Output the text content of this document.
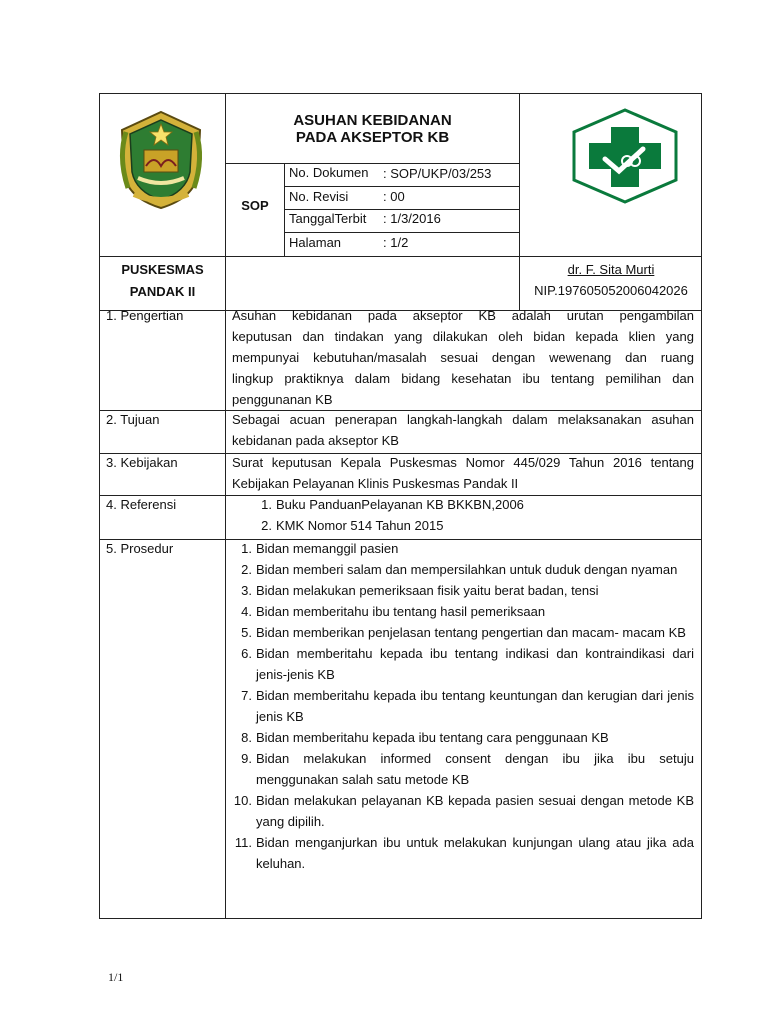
ASUHAN KEBIDANAN
PADA AKSEPTOR KB
SOP
No. Dokumen : SOP/UKP/03/253
No. Revisi	: 00
TanggalTerbit : 1/3/2016
Halaman	: 1/2
PUSKESMAS
PANDAK II
dr. F. Sita Murti
NIP.197605052006042026
1. Pengertian	Asuhan kebidanan pada akseptor KB adalah urutan pengambilan
keputusan dan tindakan yang dilakukan oleh bidan kepada klien yang
mempunyai kebutuhan/masalah sesuai dengan wewenang dan ruang
lingkup praktiknya dalam bidang kesehatan ibu tentang pemilihan dan
penggunanan KB
2. Tujuan	Sebagai acuan penerapan langkah-langkah dalam melaksanakan asuhan
kebidanan pada akseptor KB
3. Kebijakan	Surat keputusan Kepala Puskesmas Nomor 445/029 Tahun 2016 tentang
Kebijakan Pelayanan Klinis Puskesmas Pandak II
4. Referensi	1. Buku PanduanPelayanan KB BKKBN,2006
2. KMK Nomor 514 Tahun 2015
5. Prosedur	1. Bidan memanggil pasien
2. Bidan memberi salam dan mempersilahkan untuk duduk dengan nyaman
3. Bidan melakukan pemeriksaan fisik yaitu berat badan, tensi
4. Bidan memberitahu ibu tentang hasil pemeriksaan
5. Bidan memberikan penjelasan tentang pengertian dan macam- macam KB
6. Bidan memberitahu kepada ibu tentang indikasi dan kontraindikasi dari jenis-jenis KB
7. Bidan memberitahu kepada ibu tentang keuntungan dan kerugian dari jenis jenis KB
8. Bidan memberitahu kepada ibu tentang cara penggunaan KB
9. Bidan melakukan informed consent dengan ibu jika ibu setuju menggunakan salah satu metode KB
10. Bidan melakukan pelayanan KB kepada pasien sesuai dengan metode KB yang dipilih.
11. Bidan menganjurkan ibu untuk melakukan kunjungan ulang atau jika ada keluhan.
1/1
